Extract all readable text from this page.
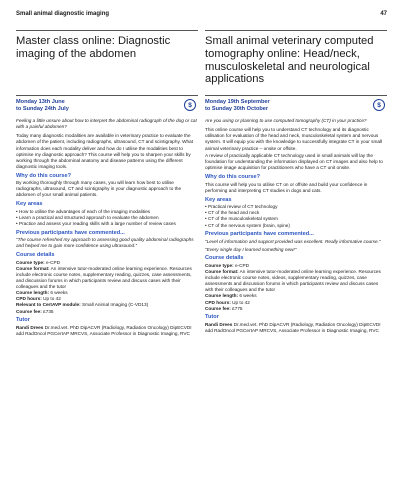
Small animal diagnostic imaging	47
Master class online: Diagnostic imaging of the abdomen
Monday 13th June
to Sunday 24th July
$

Feeling a little unsure about how to interpret the abdominal radiograph of the dog or cat with a painful abdomen?

Today many diagnostic modalities are available in veterinary practice to evaluate the abdomen of the patient, including radiographs, ultrasound, CT and scintigraphy. What information does each modality deliver and how do I utilise the modalities best to optimise my diagnostic approach? This course will help you to sharpen your skills by working through the abdominal anatomy and disease patterns using the different diagnostic imaging tools.

Why do this course?

By working thoroughly through many cases, you will learn how best to utilise radiographs, ultrasound, CT and scintigraphy in your diagnostic approach to the abdomen of your small animal patients.

Key areas
• How to utilise the advantages of each of the imaging modalities
• Learn a practical and structured approach to evaluate the abdomen
• Practice and assess your reading skills with a large number of review cases
Previous participants have commented...

"The course refreshed my approach to assessing good quality abdominal radiographs and helped me to gain more confidence using ultrasound."

Course details
Course type: e-CPD
Course format: An intensive tutor-moderated online learning experience. Resources include electronic course notes, supplementary reading, quizzes, case assessments, and discussion forums in which participants review and discuss cases with their colleagues and the tutor
Course length: 6 weeks
CPD hours: Up to 42
Relevant to CertAVP module: Small Animal Imaging (C-VD13)
Course fee: £735
Tutor
Randi Drees Dr.med.vet. PhD DipACVR (Radiology, Radiation Oncology) DipECVDI add RadOncol PGCertAP MRCVS, Associate Professor in Diagnostic Imaging, RVC
Small animal veterinary computed tomography online: Head/neck, musculoskeletal and neurological applications
Monday 19th September
to Sunday 30th October
$

Are you using or planning to use computed tomography (CT) in your practice?

This online course will help you to understand CT technology and its diagnostic utilisation for evaluation of the head and neck, musculoskeletal system and nervous system. It will equip you with the knowledge to successfully integrate CT in your small animal veterinary practice – onsite or offsite.

A review of practically applicable CT technology used in small animals will lay the foundation for understanding the information displayed on CT images and also help to optimise image acquisition for practitioners who have a CT unit onsite.

Why do this course?

This course will help you to utilise CT on or offsite and build your confidence in performing and interpreting CT studies in dogs and cats.

Key areas
• Practical review of CT technology
• CT of the head and neck
• CT of the musculoskeletal system
• CT of the nervous system (brain, spine)
Previous participants have commented...

"Level of information and support provided was excellent. Really informative course."

"Every single day I learned something new!"

Course details
Course type: e-CPD
Course format: An intensive tutor-moderated online learning experience. Resources include electronic course notes, videos, supplementary reading, quizzes, case assessments and discussion forums in which participants review and discuss cases with their colleagues and the tutor
Course length: 6 weeks
CPD hours: Up to 42
Course fee: £775
Tutor
Randi Drees Dr.med.vet. PhD DipACVR (Radiology, Radiation Oncology) DipECVDI add RadOncol PGCertAP MRCVS, Associate Professor in Diagnostic Imaging, RVC
